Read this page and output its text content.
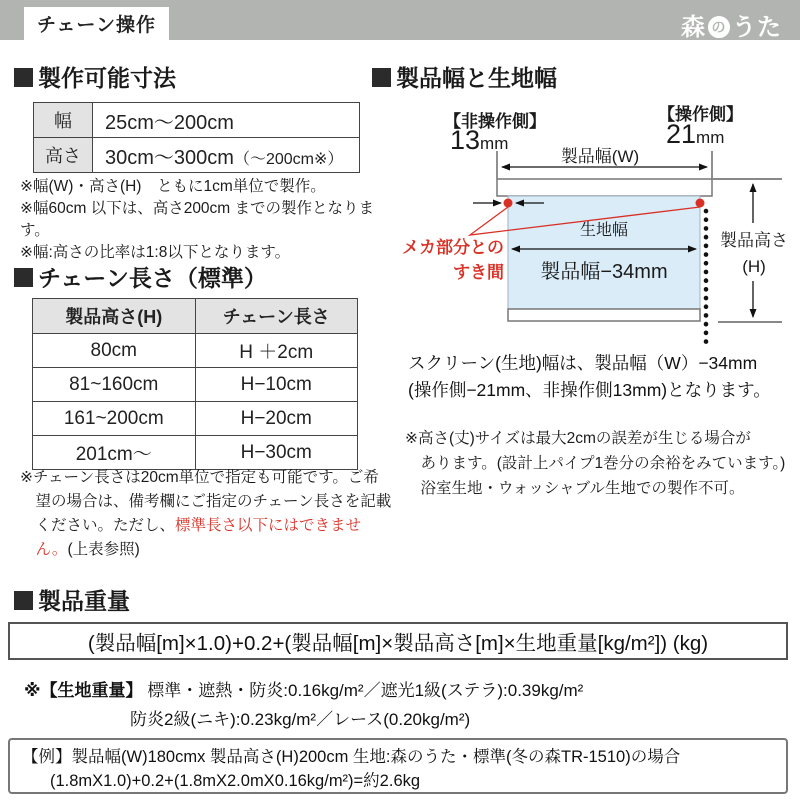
チェーン操作	森 の うた
製作可能寸法
幅	25cm〜200cm
高さ	30cm〜300cm（〜200cm※）
※幅(W)・高さ(H)　ともに1cm単位で製作。
※幅60cm 以下は、高さ200cm までの製作となります。
※幅:高さの比率は1:8以下となります。
チェーン長さ（標準）
製品高さ(H)	チェーン長さ
80cm	H ＋2cm
81~160cm	H−10cm
161~200cm	H−20cm
201cm〜	H−30cm
※チェーン長さは20cm単位で指定も可能です。ご希望の場合は、備考欄にご指定のチェーン長さを記載ください。ただし、標準長さ以下にはできません。(上表参照)
製品幅と生地幅
【非操作側】
13mm
【操作側】
21mm
製品幅(W)
生地幅
製品幅−34mm
メカ部分との
すき間
製品高さ
(H)
スクリーン(生地)幅は、製品幅（W）−34mm
(操作側−21mm、非操作側13mm)となります。
※高さ(丈)サイズは最大2cmの誤差が生じる場合が
あります。(設計上パイプ1巻分の余裕をみています。)
浴室生地・ウォッシャブル生地での製作不可。
製品重量
(製品幅[m]×1.0)+0.2+(製品幅[m]×製品高さ[m]×生地重量[kg/m²]) (kg)
※【生地重量】 標準・遮熱・防炎:0.16kg/m²／遮光1級(ステラ):0.39kg/m²
防炎2級(ニキ):0.23kg/m²／レース(0.20kg/m²)
【例】製品幅(W)180cmx 製品高さ(H)200cm 生地:森のうた・標準(冬の森TR-1510)の場合
(1.8mX1.0)+0.2+(1.8mX2.0mX0.16kg/m²)=約2.6kg
